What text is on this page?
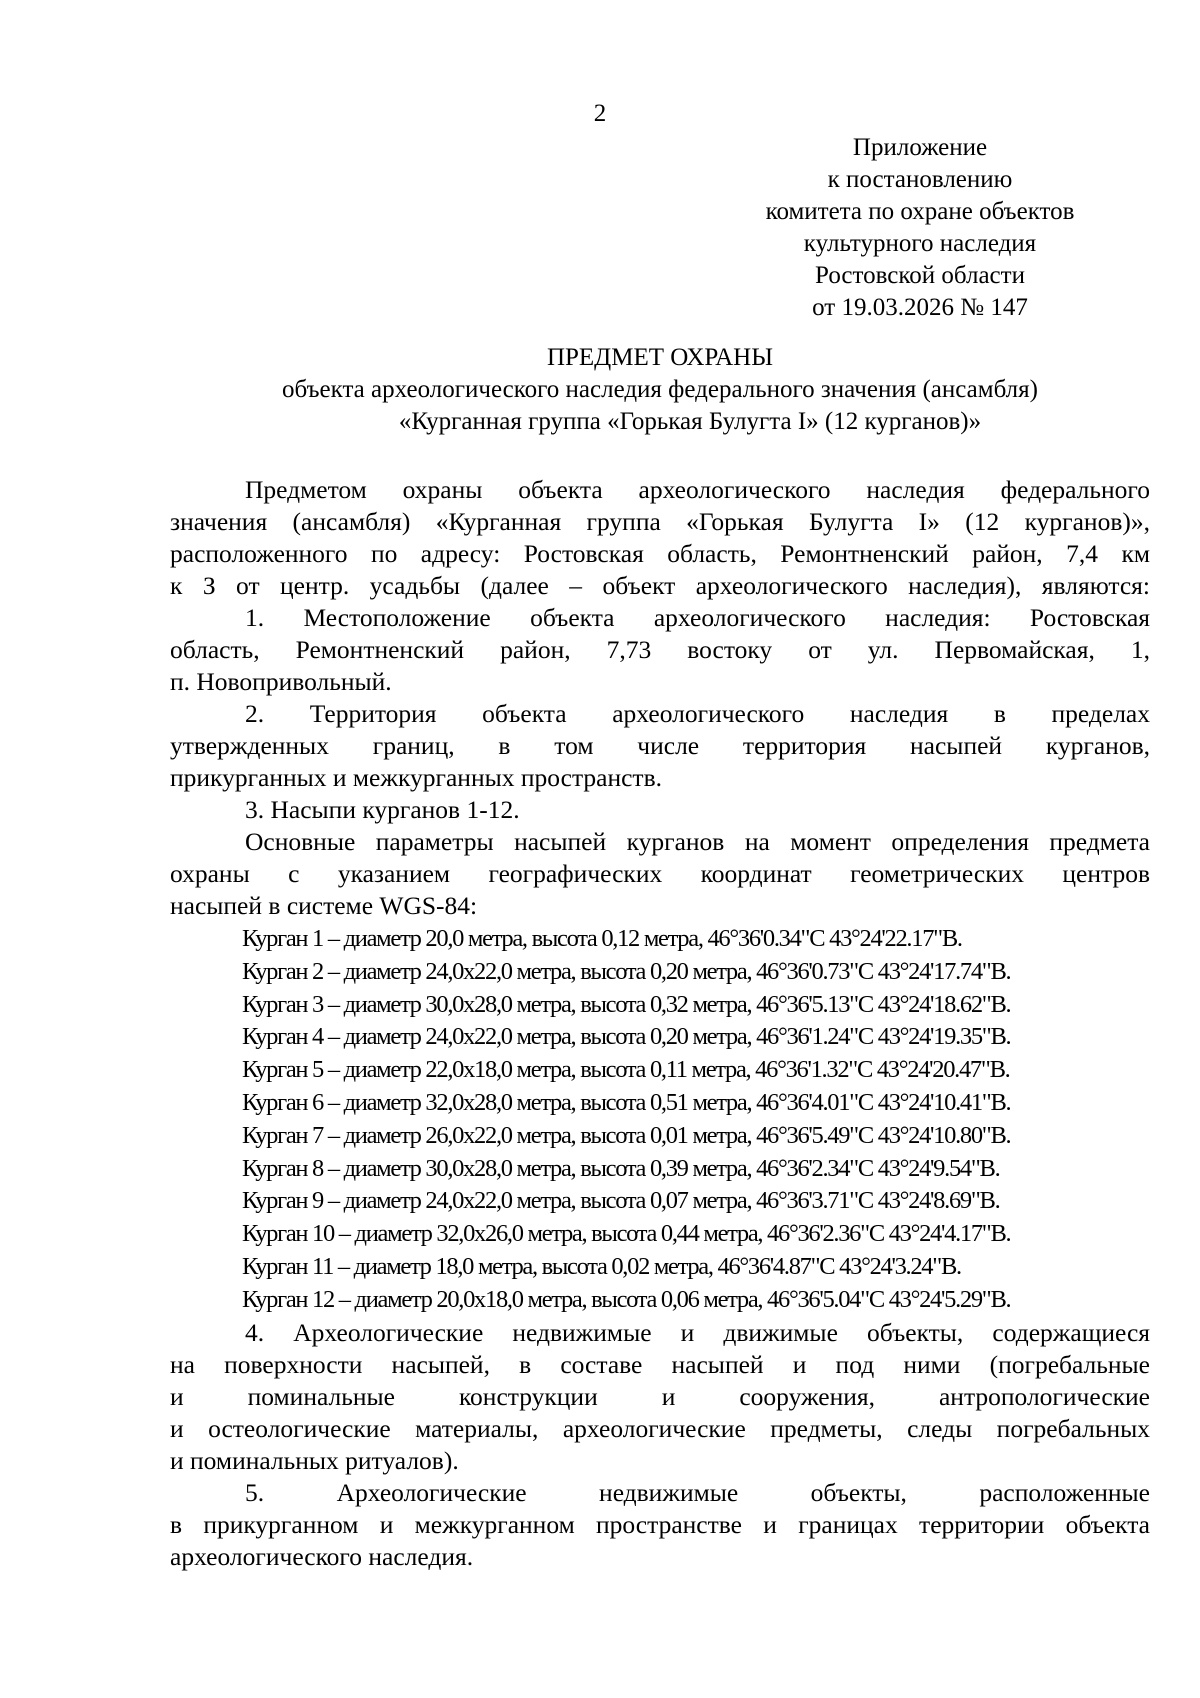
2
Приложение
к постановлению
комитета по охране объектов
культурного наследия
Ростовской области
от 19.03.2026 № 147
ПРЕДМЕТ ОХРАНЫ
объекта археологического наследия федерального значения (ансамбля)
«Курганная группа «Горькая Булугта I» (12 курганов)»

Предметом охраны объекта археологического наследия федерального

значения (ансамбля) «Курганная группа «Горькая Булугта I» (12 курганов)»,

расположенного по адресу: Ростовская область, Ремонтненский район, 7,4 км

к З от центр. усадьбы (далее – объект археологического наследия), являются:

1. Местоположение объекта археологического наследия: Ростовская

область, Ремонтненский район, 7,73 востоку от ул. Первомайская, 1,

п. Новопривольный.

2. Территория объекта археологического наследия в пределах

утвержденных границ, в том числе территория насыпей курганов,

прикурганных и межкурганных пространств.

3. Насыпи курганов 1-12.

Основные параметры насыпей курганов на момент определения предмета

охраны с указанием географических координат геометрических центров

насыпей в системе WGS-84:

Курган 1 – диаметр 20,0 метра, высота 0,12 метра, 46°36'0.34"С 43°24'22.17"В.
Курган 2 – диаметр 24,0х22,0 метра, высота 0,20 метра, 46°36'0.73"С 43°24'17.74"В.
Курган 3 – диаметр 30,0х28,0 метра, высота 0,32 метра, 46°36'5.13"С 43°24'18.62"В.
Курган 4 – диаметр 24,0х22,0 метра, высота 0,20 метра, 46°36'1.24"С 43°24'19.35"В.
Курган 5 – диаметр 22,0х18,0 метра, высота 0,11 метра, 46°36'1.32"С 43°24'20.47"В.
Курган 6 – диаметр 32,0х28,0 метра, высота 0,51 метра, 46°36'4.01"С 43°24'10.41"В.
Курган 7 – диаметр 26,0х22,0 метра, высота 0,01 метра, 46°36'5.49"С 43°24'10.80"В.
Курган 8 – диаметр 30,0х28,0 метра, высота 0,39 метра, 46°36'2.34"С 43°24'9.54"В.
Курган 9 – диаметр 24,0х22,0 метра, высота 0,07 метра, 46°36'3.71"С 43°24'8.69"В.
Курган 10 – диаметр 32,0х26,0 метра, высота 0,44 метра, 46°36'2.36"С 43°24'4.17"В.
Курган 11 – диаметр 18,0 метра, высота 0,02 метра, 46°36'4.87"С 43°24'3.24"В.
Курган 12 – диаметр 20,0х18,0 метра, высота 0,06 метра, 46°36'5.04"С 43°24'5.29"В.

4. Археологические недвижимые и движимые объекты, содержащиеся

на поверхности насыпей, в составе насыпей и под ними (погребальные

и поминальные конструкции и сооружения, антропологические

и остеологические материалы, археологические предметы, следы погребальных

и поминальных ритуалов).

5. Археологические недвижимые объекты, расположенные

в прикурганном и межкурганном пространстве и границах территории объекта

археологического наследия.
